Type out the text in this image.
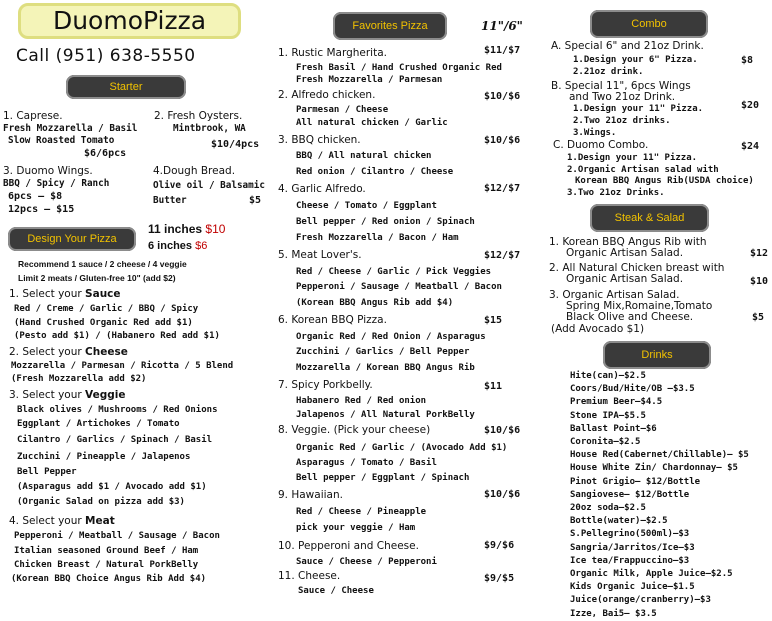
DuomoPizza
Call (951) 638-5550
Starter
1. Caprese.
Fresh Mozzarella / Basil
Slow Roasted Tomato
$6/6pcs
2. Fresh Oysters.
Mintbrook, WA
$10/4pcs
3. Duomo Wings.
BBQ / Spicy / Ranch
6pcs – $8
12pcs – $15
4.Dough Bread.
Olive oil / Balsamic
Butter	$5
Design Your Pizza
11 inches $10
6 inches $6
Recommend 1 sauce / 2 cheese / 4 veggie
Limit 2 meats / Gluten-free 10" (add $2)
1. Select your Sauce
Red / Creme / Garlic / BBQ / Spicy
(Hand Crushed Organic Red add $1)
(Pesto add $1) / (Habanero Red add $1)
2. Select your Cheese
Mozzarella / Parmesan / Ricotta / 5 Blend
(Fresh Mozzarella add $2)
3. Select your Veggie
Black olives / Mushrooms / Red Onions
Eggplant / Artichokes / Tomato
Cilantro / Garlics / Spinach / Basil
Zucchini / Pineapple / Jalapenos
Bell Pepper
(Asparagus add $1 / Avocado add $1)
(Organic Salad on pizza add $3)
4. Select your Meat
Pepperoni / Meatball / Sausage / Bacon
Italian seasoned Ground Beef / Ham
Chicken Breast / Natural PorkBelly
(Korean BBQ Choice Angus Rib Add $4)
Favorites Pizza	11"/6"
1. Rustic Margherita.	$11/$7
Fresh Basil / Hand Crushed Organic Red
Fresh Mozzarella / Parmesan
2. Alfredo chicken.	$10/$6
Parmesan / Cheese
All natural chicken / Garlic
3. BBQ chicken.	$10/$6
BBQ / All natural chicken
Red onion / Cilantro / Cheese
4. Garlic Alfredo.	$12/$7
Cheese / Tomato / Eggplant
Bell pepper / Red onion / Spinach
Fresh Mozzarella / Bacon / Ham
5. Meat Lover's.	$12/$7
Red / Cheese / Garlic / Pick Veggies
Pepperoni / Sausage / Meatball / Bacon
(Korean BBQ Angus Rib add $4)
6. Korean BBQ Pizza.	$15
Organic Red / Red Onion / Asparagus
Zucchini / Garlics / Bell Pepper
Mozzarella / Korean BBQ Angus Rib
7. Spicy Porkbelly.	$11
Habanero Red / Red onion
Jalapenos / All Natural PorkBelly
8. Veggie. (Pick your cheese)	$10/$6
Organic Red / Garlic / (Avocado Add $1)
Asparagus / Tomato / Basil
Bell pepper / Eggplant / Spinach
9. Hawaiian.	$10/$6
Red / Cheese / Pineapple
pick your veggie / Ham
10. Pepperoni and Cheese.	$9/$6
Sauce / Cheese / Pepperoni
11. Cheese.	$9/$5
Sauce / Cheese
Combo
A. Special 6" and 21oz Drink.
$8
1.Design your 6" Pizza.
2.21oz drink.
B. Special 11", 6pcs Wings
and Two 21oz Drink.
$20
1.Design your 11" Pizza.
2.Two 21oz drinks.
3.Wings.
C. Duomo Combo.	$24
1.Design your 11" Pizza.
2.Organic Artisan salad with
Korean BBQ Angus Rib(USDA choice)
3.Two 21oz Drinks.
Steak & Salad
1. Korean BBQ Angus Rib with
Organic Artisan Salad.	$12
2. All Natural Chicken breast with
Organic Artisan Salad.	$10
3. Organic Artisan Salad.
Spring Mix,Romaine,Tomato
Black Olive and Cheese.
(Add Avocado $1)
$5
Drinks
Hite(can)–$2.5
Coors/Bud/Hite/OB –$3.5
Premium Beer–$4.5
Stone IPA–$5.5
Ballast Point–$6
Coronita–$2.5
House Red(Cabernet/Chillable)– $5
House White Zin/ Chardonnay– $5
Pinot Grigio– $12/Bottle
Sangiovese– $12/Bottle
20oz soda–$2.5
Bottle(water)–$2.5
S.Pellegrino(500ml)–$3
Sangria/Jarritos/Ice–$3
Ice tea/Frappuccino–$3
Organic Milk, Apple Juice–$2.5
Kids Organic Juice–$1.5
Juice(orange/cranberry)–$3
Izze, Bai5– $3.5
